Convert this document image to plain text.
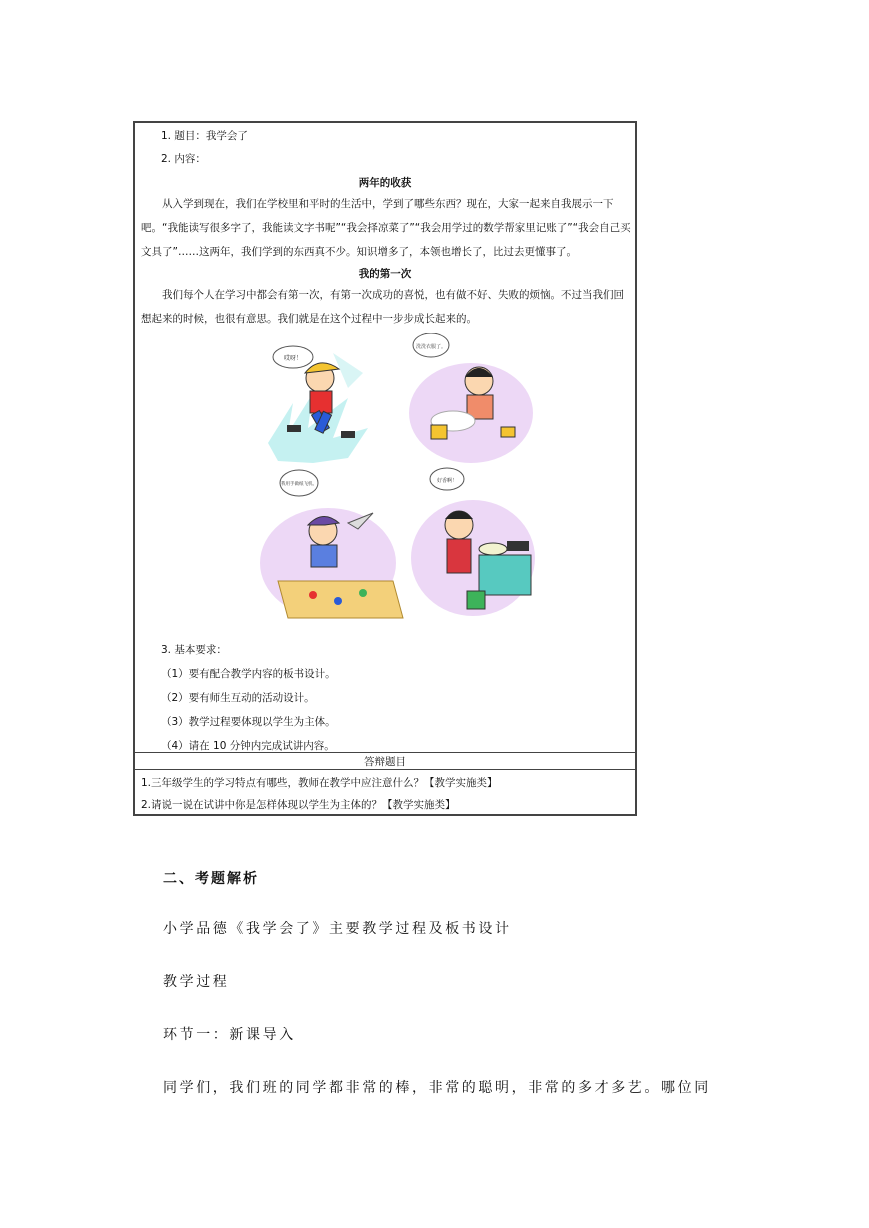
1. 题目：我学会了
2. 内容：
两年的收获
从入学到现在，我们在学校里和平时的生活中，学到了哪些东西？现在，大家一起来自我展示一下吧。 “我能读写很多字了，我能读文字书呢”“我会择凉菜了”“我会用学过的数学帮家里记账了”“我会自己买文具了”……这两年，我们学到的东西真不少。知识增多了，本领也增长了，比过去更懂事了。
我的第一次
我们每个人在学习中都会有第一次，有第一次成功的喜悦，也有做不好、失败的烦恼。不过当我们回想起来的时候，也很有意思。我们就是在这个过程中一步步成长起来的。
哎呀！
洗洗衣服了。
我用手做纸飞机。
好香啊！
3. 基本要求：
（1）要有配合教学内容的板书设计。
（2）要有师生互动的活动设计。
（3）教学过程要体现以学生为主体。
（4）请在 10 分钟内完成试讲内容。
答辩题目
1.三年级学生的学习特点有哪些，教师在教学中应注意什么？【教学实施类】
2.请说一说在试讲中你是怎样体现以学生为主体的？【教学实施类】
二、考题解析
小学品德《我学会了》主要教学过程及板书设计
教学过程
环节一：新课导入
同学们，我们班的同学都非常的棒，非常的聪明，非常的多才多艺。哪位同
